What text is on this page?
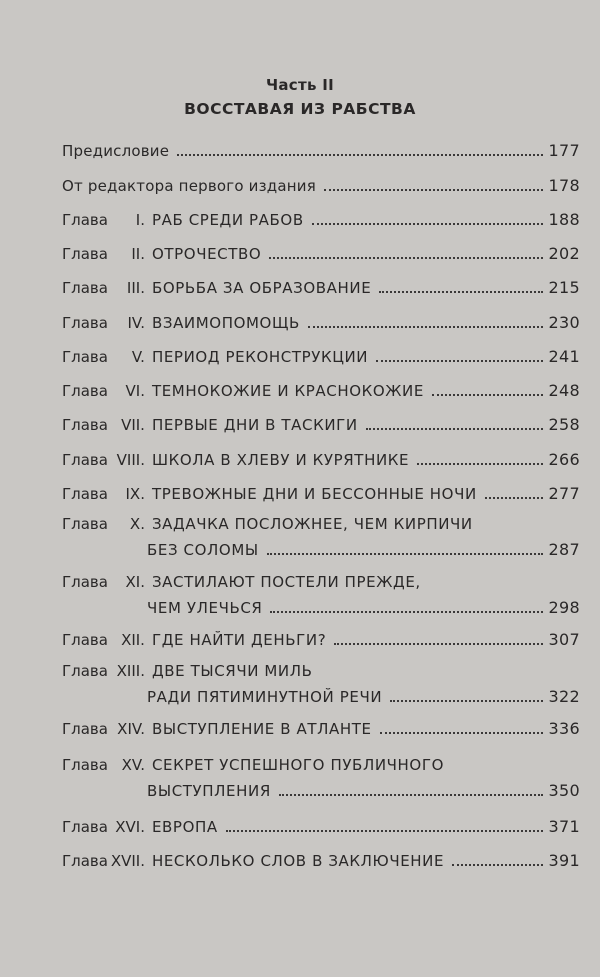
Часть II
ВОССТАВАЯ ИЗ РАБСТВА
Предисловие	177
От редактора первого издания	178
Глава I. РАБ СРЕДИ РАБОВ	188
Глава II. ОТРОЧЕСТВО	202
Глава III. БОРЬБА ЗА ОБРАЗОВАНИЕ	215
Глава IV. ВЗАИМОПОМОЩЬ	230
Глава V. ПЕРИОД РЕКОНСТРУКЦИИ	241
Глава VI. ТЕМНОКОЖИЕ И КРАСНОКОЖИЕ	248
Глава VII. ПЕРВЫЕ ДНИ В ТАСКИГИ	258
Глава VIII. ШКОЛА В ХЛЕВУ И КУРЯТНИКЕ	266
Глава IX. ТРЕВОЖНЫЕ ДНИ И БЕССОННЫЕ НОЧИ	277
Глава X. ЗАДАЧКА ПОСЛОЖНЕЕ, ЧЕМ КИРПИЧИ
БЕЗ СОЛОМЫ	287
Глава XI. ЗАСТИЛАЮТ ПОСТЕЛИ ПРЕЖДЕ,
ЧЕМ УЛЕЧЬСЯ	298
Глава XII. ГДЕ НАЙТИ ДЕНЬГИ?	307
Глава XIII. ДВЕ ТЫСЯЧИ МИЛЬ
РАДИ ПЯТИМИНУТНОЙ РЕЧИ	322
Глава XIV. ВЫСТУПЛЕНИЕ В АТЛАНТЕ	336
Глава XV. СЕКРЕТ УСПЕШНОГО ПУБЛИЧНОГО
ВЫСТУПЛЕНИЯ	350
Глава XVI. ЕВРОПА	371
Глава XVII. НЕСКОЛЬКО СЛОВ В ЗАКЛЮЧЕНИЕ	391
